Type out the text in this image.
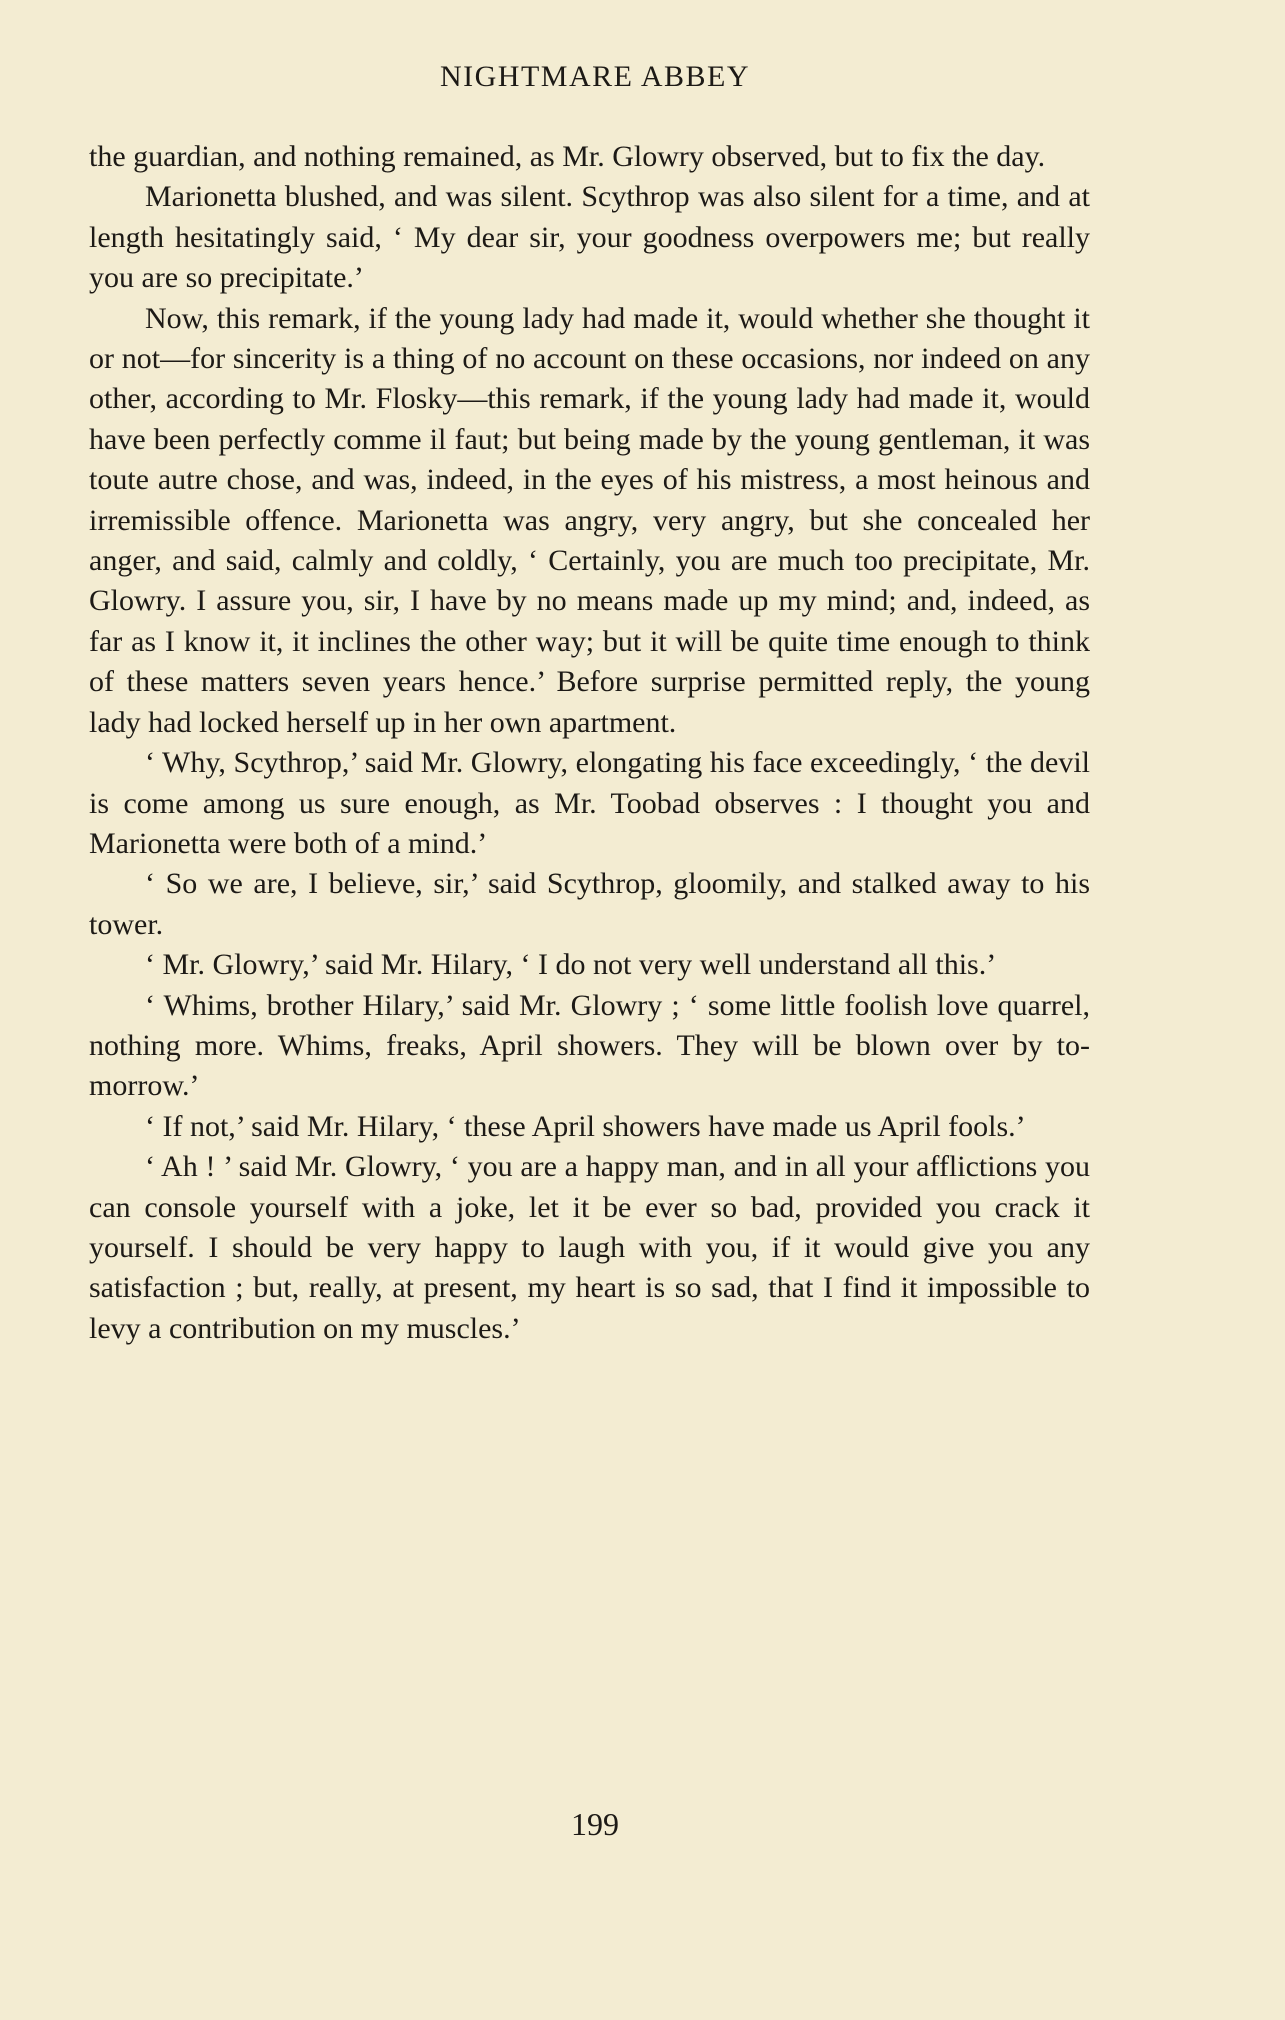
NIGHTMARE ABBEY

the guardian, and nothing remained, as Mr. Glowry observed, but to fix the day.

Marionetta blushed, and was silent. Scythrop was also silent for a time, and at length hesitatingly said, ‘ My dear sir, your goodness overpowers me; but really you are so precipitate.’

Now, this remark, if the young lady had made it, would whether she thought it or not—for sincerity is a thing of no account on these occasions, nor indeed on any other, according to Mr. Flosky—this remark, if the young lady had made it, would have been perfectly comme il faut; but being made by the young gentleman, it was toute autre chose, and was, indeed, in the eyes of his mistress, a most heinous and irremissible offence. Marionetta was angry, very angry, but she concealed her anger, and said, calmly and coldly, ‘ Certainly, you are much too precipitate, Mr. Glowry. I assure you, sir, I have by no means made up my mind; and, indeed, as far as I know it, it inclines the other way; but it will be quite time enough to think of these matters seven years hence.’ Before surprise permitted reply, the young lady had locked herself up in her own apartment.

‘ Why, Scythrop,’ said Mr. Glowry, elongating his face exceedingly, ‘ the devil is come among us sure enough, as Mr. Toobad observes : I thought you and Marionetta were both of a mind.’

‘ So we are, I believe, sir,’ said Scythrop, gloomily, and stalked away to his tower.

‘ Mr. Glowry,’ said Mr. Hilary, ‘ I do not very well understand all this.’

‘ Whims, brother Hilary,’ said Mr. Glowry ; ‘ some little foolish love quarrel, nothing more. Whims, freaks, April showers. They will be blown over by to-morrow.’

‘ If not,’ said Mr. Hilary, ‘ these April showers have made us April fools.’

‘ Ah ! ’ said Mr. Glowry, ‘ you are a happy man, and in all your afflictions you can console yourself with a joke, let it be ever so bad, provided you crack it yourself. I should be very happy to laugh with you, if it would give you any satisfaction ; but, really, at present, my heart is so sad, that I find it impossible to levy a contribution on my muscles.’

199
